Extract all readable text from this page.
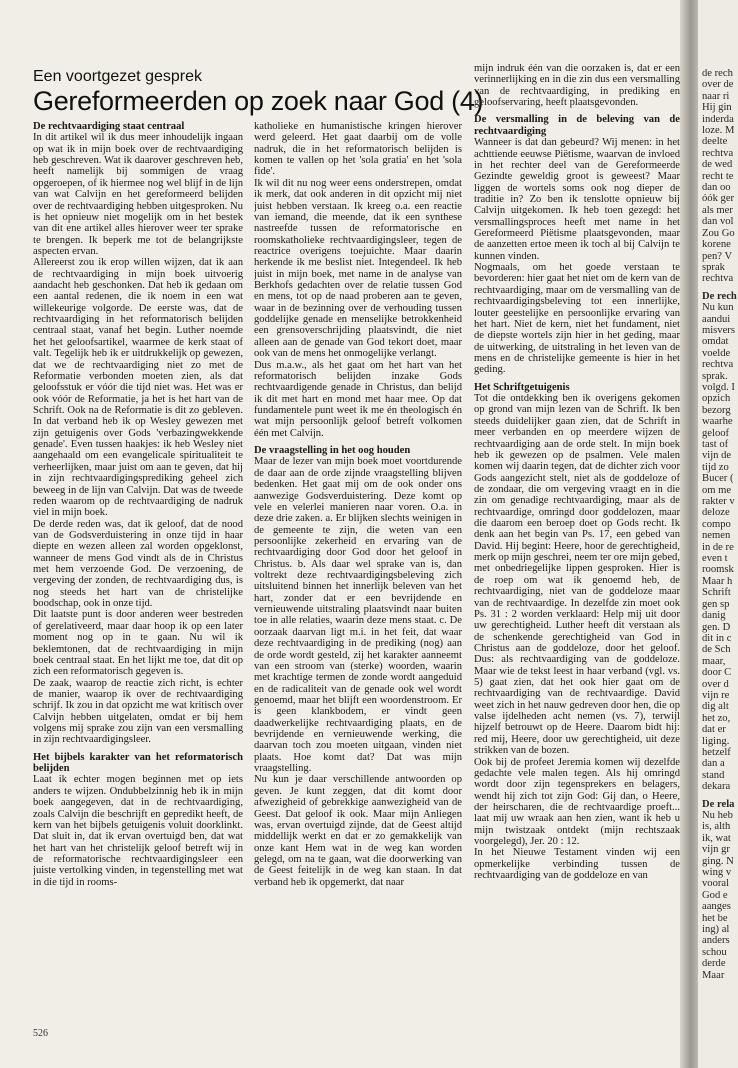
Een voortgezet gesprek
Gereformeerden op zoek naar God (4)

De rechtvaardiging staat centraal

In dit artikel wil ik dus meer inhoudelijk ingaan op wat ik in mijn boek over de rechtvaardiging heb geschreven. Wat ik daarover geschreven heb, heeft namelijk bij sommigen de vraag opgeroepen, of ik hiermee nog wel blijf in de lijn van wat Calvijn en het gereformeerd belijden over de rechtvaardiging hebben uitgesproken. Nu is het opnieuw niet mogelijk om in het bestek van dit ene artikel alles hierover weer ter sprake te brengen. Ik beperk me tot de belangrijkste aspecten ervan.

Allereerst zou ik erop willen wijzen, dat ik aan de rechtvaardiging in mijn boek uitvoerig aandacht heb geschonken. Dat heb ik gedaan om een aantal redenen, die ik noem in een wat willekeurige volgorde. De eerste was, dat de rechtvaardiging in het reformatorisch belijden centraal staat, vanaf het begin. Luther noemde het het geloofsartikel, waarmee de kerk staat of valt. Tegelijk heb ik er uitdrukkelijk op gewezen, dat we de rechtvaardiging niet zo met de Reformatie verbonden moeten zien, als dat geloofsstuk er vóór die tijd niet was. Het was er ook vóór de Reformatie, ja het is het hart van de Schrift. Ook na de Reformatie is dit zo gebleven. In dat verband heb ik op Wesley gewezen met zijn getuigenis over Gods 'verbazingwekkende genade'. Even tussen haakjes: ik heb Wesley niet aangehaald om een evangelicale spiritualiteit te verheerlijken, maar juist om aan te geven, dat hij in zijn rechtvaardigingsprediking geheel zich beweeg in de lijn van Calvijn. Dat was de tweede reden waarom op de rechtvaardiging de nadruk viel in mijn boek.

De derde reden was, dat ik geloof, dat de nood van de Godsverduistering in onze tijd in haar diepte en wezen alleen zal worden opgeklonst, wanneer de mens God vindt als de in Christus met hem verzoende God. De verzoening, de vergeving der zonden, de rechtvaardiging dus, is nog steeds het hart van de christelijke boodschap, ook in onze tijd.

Dit laatste punt is door anderen weer bestreden of gerelativeerd, maar daar hoop ik op een later moment nog op in te gaan. Nu wil ik beklemtonen, dat de rechtvaardiging in mijn boek centraal staat. En het lijkt me toe, dat dit op zich een reformatorisch gegeven is.

De zaak, waarop de reactie zich richt, is echter de manier, waarop ik over de rechtvaardiging schrijf. Ik zou in dat opzicht me wat kritisch over Calvijn hebben uitgelaten, omdat er bij hem volgens mij sprake zou zijn van een versmalling in zijn rechtvaardigingsleer.

Het bijbels karakter van het reformatorisch belijden

Laat ik echter mogen beginnen met op iets anders te wijzen. Ondubbelzinnig heb ik in mijn boek aangegeven, dat in de rechtvaardiging, zoals Calvijn die beschrijft en gepredikt heeft, de kern van het bijbels getuigenis voluit doorklinkt. Dat sluit in, dat ik ervan overtuigd ben, dat wat het hart van het christelijk geloof betreft wij in de reformatorische rechtvaardigingsleer een juiste vertolking vinden, in tegenstelling met wat in die tijd in rooms-

katholieke en humanistische kringen hierover werd geleerd. Het gaat daarbij om de volle nadruk, die in het reformatorisch belijden is komen te vallen op het 'sola gratia' en het 'sola fide'.

Ik wil dit nu nog weer eens onderstrepen, omdat ik merk, dat ook anderen in dit opzicht mij niet juist hebben verstaan. Ik kreeg o.a. een reactie van iemand, die meende, dat ik een synthese nastreefde tussen de reformatorische en roomskatholieke rechtvaardigingsleer, tegen de reactrice overigens toejuichte. Maar daarin herkende ik me beslist niet. Integendeel. Ik heb juist in mijn boek, met name in de analyse van Berkhofs gedachten over de relatie tussen God en mens, tot op de naad proberen aan te geven, waar in de bezinning over de verhouding tussen goddelijke genade en menselijke betrokkenheid een grensoverschrijding plaatsvindt, die niet alleen aan de genade van God tekort doet, maar ook van de mens het onmogelijke verlangt.

Dus m.a.w., als het gaat om het hart van het reformatorisch belijden inzake Gods rechtvaardigende genade in Christus, dan belijd ik dit met hart en mond met haar mee. Op dat fundamentele punt weet ik me én theologisch én wat mijn persoonlijk geloof betreft volkomen één met Calvijn.

De vraagstelling in het oog houden

Maar de lezer van mijn boek moet voortdurende de daar aan de orde zijnde vraagstelling blijven bedenken. Het gaat mij om de ook onder ons aanwezige Godsverduistering. Deze komt op vele en velerlei manieren naar voren. O.a. in deze drie zaken. a. Er blijken slechts weinigen in de gemeente te zijn, die weten van een persoonlijke zekerheid en ervaring van de rechtvaardiging door God door het geloof in Christus. b. Als daar wel sprake van is, dan voltrekt deze rechtvaardigingsbeleving zich uitsluitend binnen het innerlijk beleven van het hart, zonder dat er een bevrijdende en vernieuwende uitstraling plaatsvindt naar buiten toe in alle relaties, waarin deze mens staat. c. De oorzaak daarvan ligt m.i. in het feit, dat waar deze rechtvaardiging in de prediking (nog) aan de orde wordt gesteld, zij het karakter aanneemt van een stroom van (sterke) woorden, waarin met krachtige termen de zonde wordt aangeduid en de radicaliteit van de genade ook wel wordt genoemd, maar het blijft een woordenstroom. Er is geen klankbodem, er vindt geen daadwerkelijke rechtvaardiging plaats, en de bevrijdende en vernieuwende werking, die daarvan toch zou moeten uitgaan, vinden niet plaats. Hoe komt dat? Dat was mijn vraagstelling.

Nu kun je daar verschillende antwoorden op geven. Je kunt zeggen, dat dit komt door afwezigheid of gebrekkige aanwezigheid van de Geest. Dat geloof ik ook. Maar mijn Anliegen was, ervan overtuigd zijnde, dat de Geest altijd middellijk werkt en dat er zo gemakkelijk van onze kant Hem wat in de weg kan worden gelegd, om na te gaan, wat die doorwerking van de Geest feitelijk in de weg kan staan. In dat verband heb ik opgemerkt, dat naar

mijn indruk één van die oorzaken is, dat er een verinnerlijking en in die zin dus een versmalling van de rechtvaardiging, in prediking en geloofservaring, heeft plaatsgevonden.

De versmalling in de beleving van de rechtvaardiging

Wanneer is dat dan gebeurd? Wij menen: in het achttiende eeuwse Piëtisme, waarvan de invloed in het rechter deel van de Gereformeerde Gezindte geweldig groot is geweest? Maar liggen de wortels soms ook nog dieper de traditie in? Zo ben ik tenslotte opnieuw bij Calvijn uitgekomen. Ik heb toen gezegd: het versmallingsproces heeft met name in het Gereformeerd Piëtisme plaatsgevonden, maar de aanzetten ertoe meen ik toch al bij Calvijn te kunnen vinden.

Nogmaals, om het goede verstaan te bevorderen: hier gaat het niet om de kern van de rechtvaardiging, maar om de versmalling van de rechtvaardigingsbeleving tot een innerlijke, louter geestelijke en persoonlijke ervaring van het hart. Niet de kern, niet het fundament, niet de diepste wortels zijn hier in het geding, maar de uitwerking, de uitstraling in het leven van de mens en de christelijke gemeente is hier in het geding.

Het Schriftgetuigenis

Tot die ontdekking ben ik overigens gekomen op grond van mijn lezen van de Schrift. Ik ben steeds duidelijker gaan zien, dat de Schrift in meer verbanden en op meerdere wijzen de rechtvaardiging aan de orde stelt. In mijn boek heb ik gewezen op de psalmen. Vele malen komen wij daarin tegen, dat de dichter zich voor Gods aangezicht stelt, niet als de goddeloze of de zondaar, die om vergeving vraagt en in die zin om genadige rechtvaardiging, maar als de rechtvaardige, omringd door goddelozen, maar die daarom een beroep doet op Gods recht. Ik denk aan het begin van Ps. 17, een gebed van David. Hij begint: Heere, hoor de gerechtigheid, merk op mijn geschrei, neem ter ore mijn gebed, met onbedriegelijke lippen gesproken. Hier is de roep om wat ik genoemd heb, de rechtvaardiging, niet van de goddeloze maar van de rechtvaardige. In dezelfde zin moet ook Ps. 31 : 2 worden verklaard: Help mij uit door uw gerechtigheid. Luther heeft dit verstaan als de schenkende gerechtigheid van God in Christus aan de goddeloze, door het geloof. Dus: als rechtvaardiging van de goddeloze. Maar wie de tekst leest in haar verband (vgl. vs. 5) gaat zien, dat het ook hier gaat om de rechtvaardiging van de rechtvaardige. David weet zich in het nauw gedreven door hen, die op valse ijdelheden acht nemen (vs. 7), terwijl hijzelf betrouwt op de Heere. Daarom bidt hij: red mij, Heere, door uw gerechtigheid, uit deze strikken van de bozen.

Ook bij de profeet Jeremia komen wij dezelfde gedachte vele malen tegen. Als hij omringd wordt door zijn tegensprekers en belagers, wendt hij zich tot zijn God: Gij dan, o Heere, der heirscharen, die de rechtvaardige proeft... laat mij uw wraak aan hen zien, want ik heb u mijn twistzaak ontdekt (mijn rechtszaak voorgelegd), Jer. 20 : 12.

In het Nieuwe Testament vinden wij een opmerkelijke verbinding tussen de rechtvaardiging van de goddeloze en van

526

de rech

over de

naar ri

Hij gin

inderda

loze. M

deelte

rechtva

de wed

recht te

dan oo

óók ger

als mer

dan vol

Zou Go

korene

pen? V

sprak

rechtva

De rech

Nu kun

aandui

misvers

omdat

voelde

rechtva

sprak.

volgd. I

opzich

bezorg

waarhe

geloof

tast of

vijn de

tijd zo

Bucer (

om me

rakter v

deloze

compo

nemen

in de re

even t

roomsk

Maar h

Schrift

gen sp

danig

gen. D

dit in c

de Sch

maar,

door C

over d

vijn re

dig alt

het zo,

dat er

liging.

hetzelf

dan a

stand

dekara

De rela

Nu heb

is, alth

ik, wat

vijn gr

ging. N

wing v

vooral

God e

aanges

het be

ing) al

anders

schou

derde

Maar
